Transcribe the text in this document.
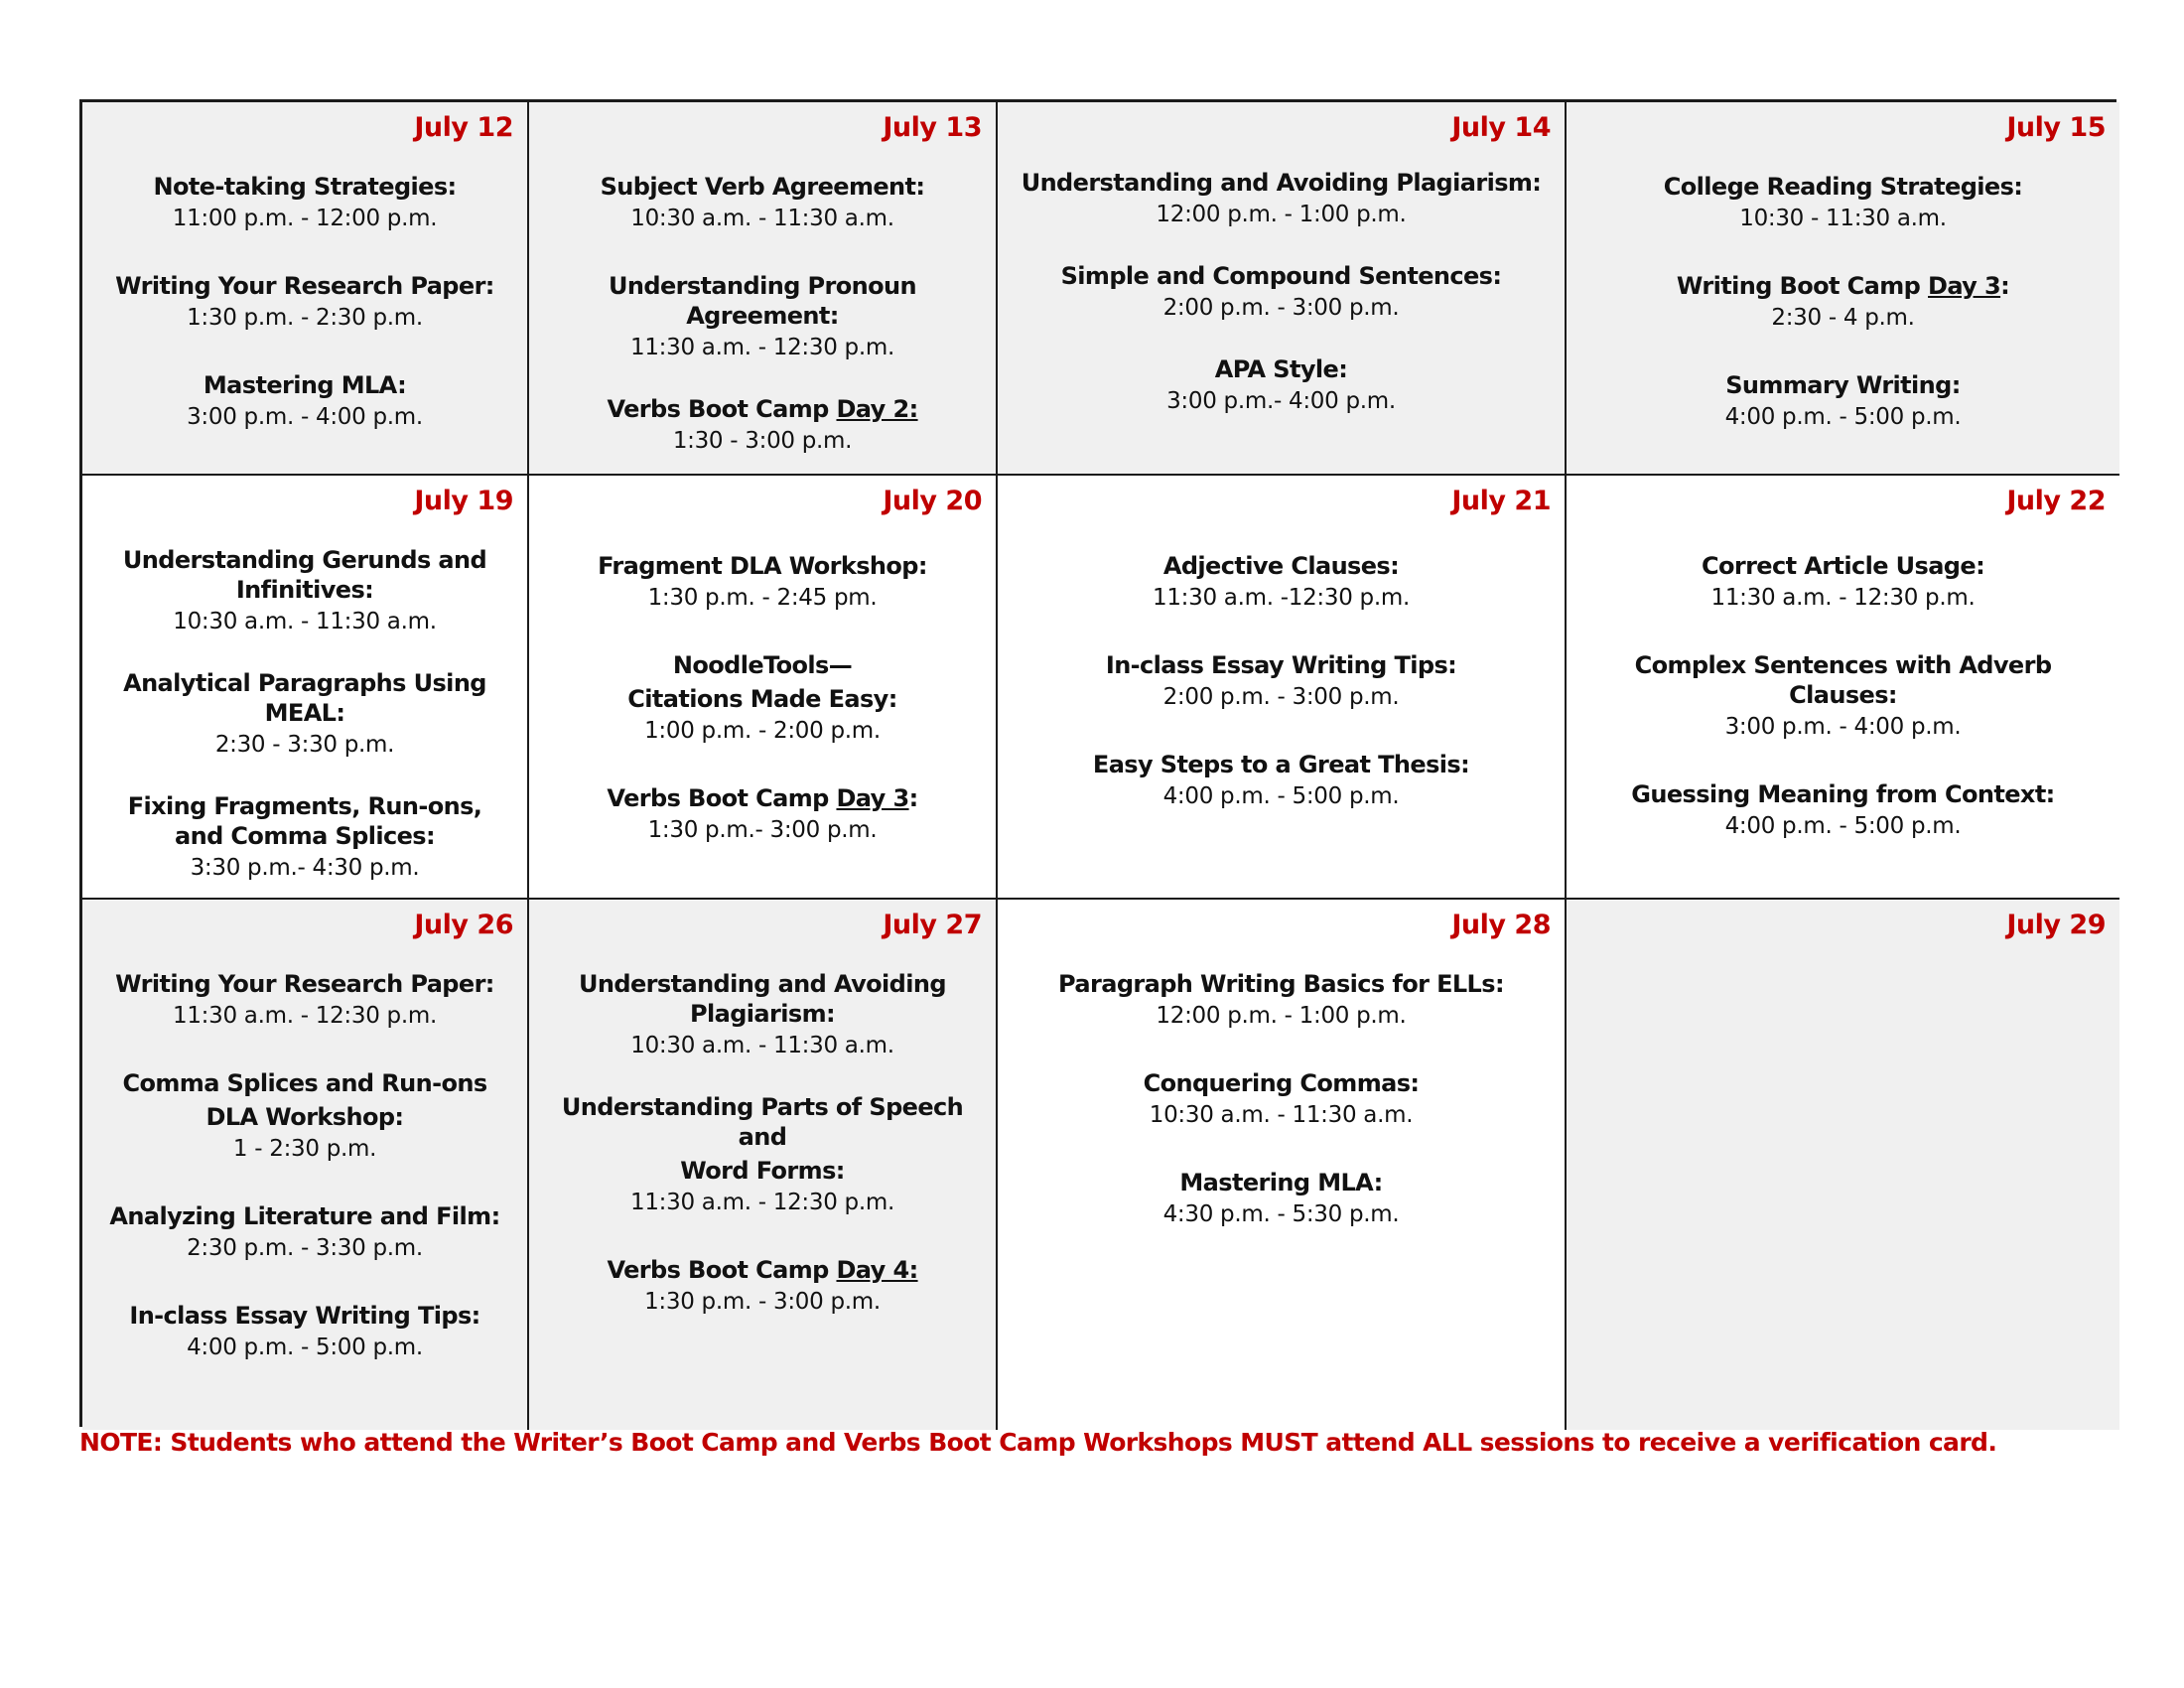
July 12
Note-taking Strategies:
11:00 p.m. - 12:00 p.m.
Writing Your Research Paper:
1:30 p.m. - 2:30 p.m.
Mastering MLA:
3:00 p.m. - 4:00 p.m.
July 13
Subject Verb Agreement:
10:30 a.m. - 11:30 a.m.
Understanding Pronoun Agreement:
11:30 a.m. - 12:30 p.m.
Verbs Boot Camp Day 2:
1:30 - 3:00 p.m.
July 14
Understanding and Avoiding Plagiarism:
12:00 p.m. - 1:00 p.m.
Simple and Compound Sentences:
2:00 p.m. - 3:00 p.m.
APA Style:
3:00 p.m.- 4:00 p.m.
July 15
College Reading Strategies:
10:30 - 11:30 a.m.
Writing Boot Camp Day 3:
2:30 - 4 p.m.
Summary Writing:
4:00 p.m. - 5:00 p.m.
July 19
Understanding Gerunds and Infinitives:
10:30 a.m. - 11:30 a.m.
Analytical Paragraphs Using MEAL:
2:30 - 3:30 p.m.
Fixing Fragments, Run-ons, and Comma Splices:
3:30 p.m.- 4:30 p.m.
July 20
Fragment DLA Workshop:
1:30 p.m. - 2:45 pm.
NoodleTools—
Citations Made Easy:
1:00 p.m. - 2:00 p.m.
Verbs Boot Camp Day 3:
1:30 p.m.- 3:00 p.m.
July 21
Adjective Clauses:
11:30 a.m. -12:30 p.m.
In-class Essay Writing Tips:
2:00 p.m. - 3:00 p.m.
Easy Steps to a Great Thesis:
4:00 p.m. - 5:00 p.m.
July 22
Correct Article Usage:
11:30 a.m. - 12:30 p.m.
Complex Sentences with Adverb Clauses:
3:00 p.m. - 4:00 p.m.
Guessing Meaning from Context:
4:00 p.m. - 5:00 p.m.
July 26
Writing Your Research Paper:
11:30 a.m. - 12:30 p.m.
Comma Splices and Run-ons
DLA Workshop:
1 - 2:30 p.m.
Analyzing Literature and Film:
2:30 p.m. - 3:30 p.m.
In-class Essay Writing Tips:
4:00 p.m. - 5:00 p.m.
July 27
Understanding and Avoiding Plagiarism:
10:30 a.m. - 11:30 a.m.
Understanding Parts of Speech and
Word Forms:
11:30 a.m. - 12:30 p.m.
Verbs Boot Camp Day 4:
1:30 p.m. - 3:00 p.m.
July 28
Paragraph Writing Basics for ELLs:
12:00 p.m. - 1:00 p.m.
Conquering Commas:
10:30 a.m. - 11:30 a.m.
Mastering MLA:
4:30 p.m. - 5:30 p.m.
July 29
NOTE: Students who attend the Writer’s Boot Camp and Verbs Boot Camp Workshops MUST attend ALL sessions to receive a verification card.
